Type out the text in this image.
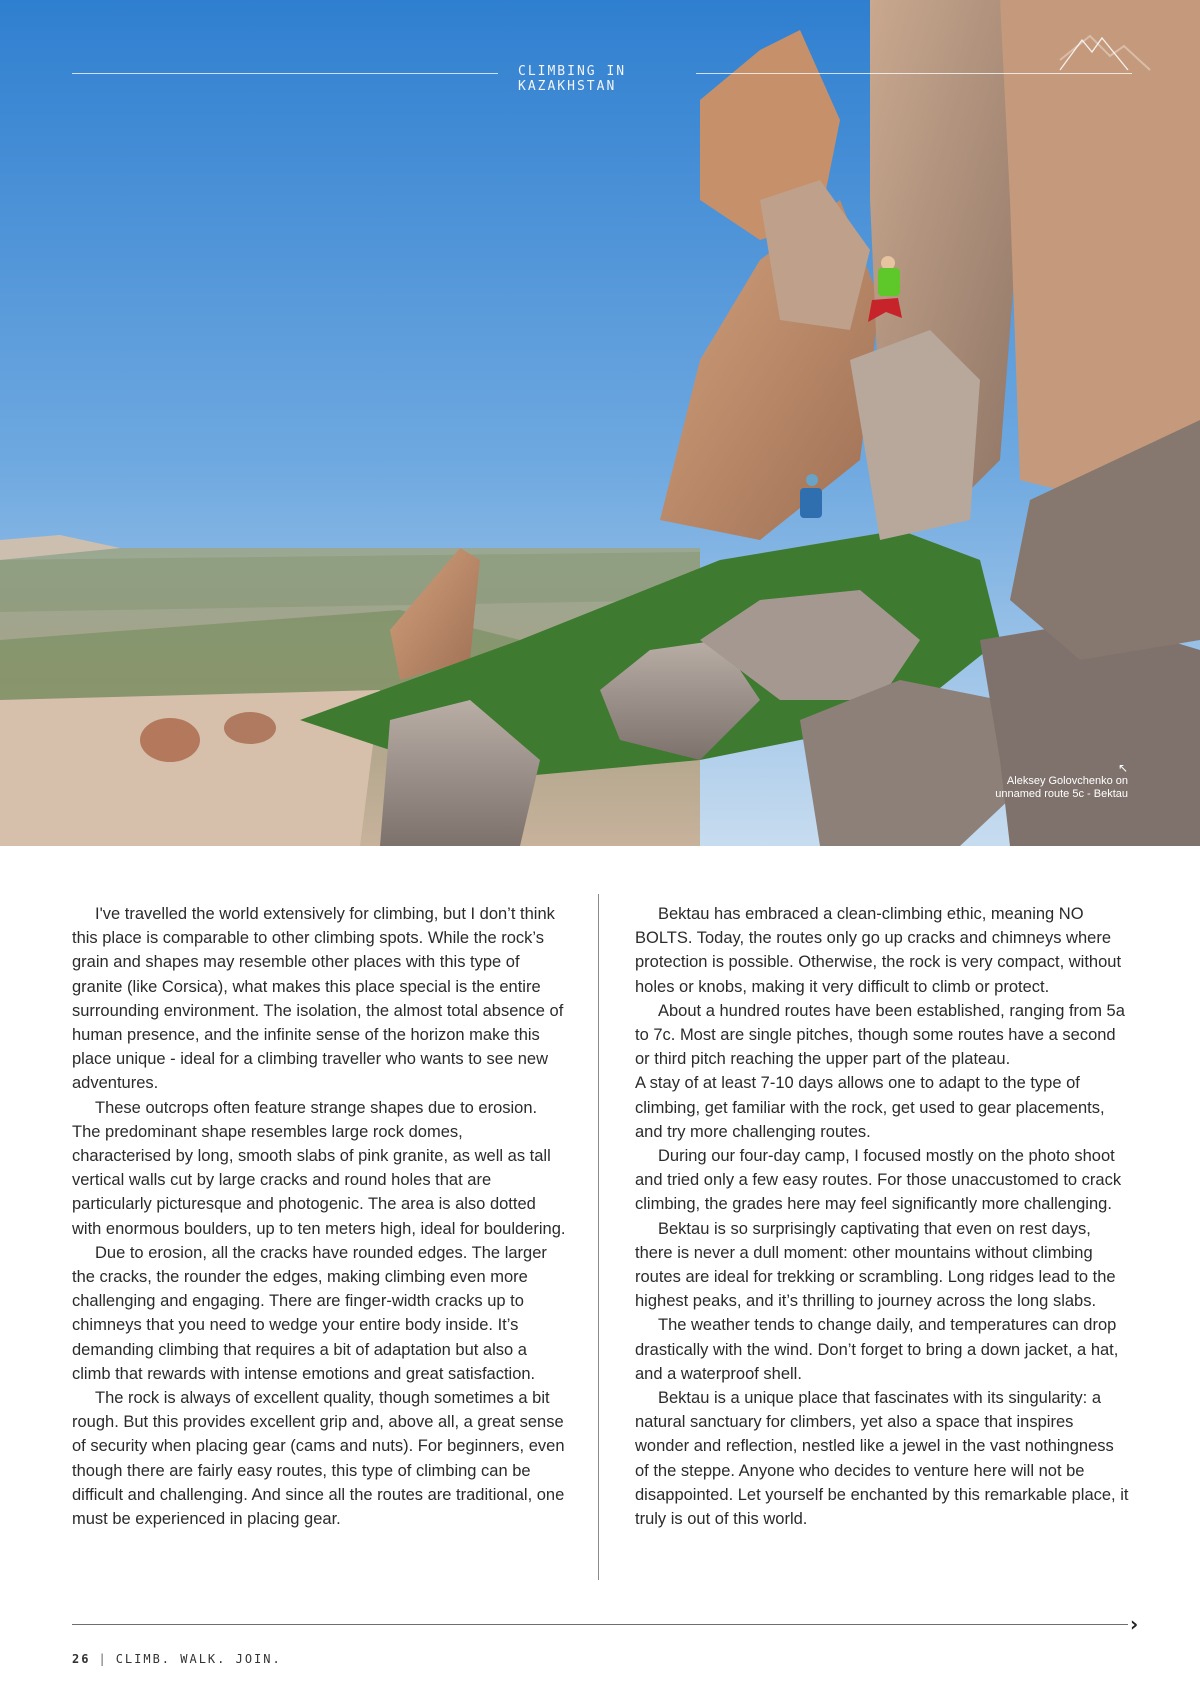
CLIMBING IN KAZAKHSTAN
↖
Aleksey Golovchenko on unnamed route 5c - Bektau

I've travelled the world extensively for climbing, but I don’t think this place is comparable to other climbing spots. While the rock’s grain and shapes may resemble other places with this type of granite (like Corsica), what makes this place special is the entire surrounding environment. The isolation, the almost total absence of human presence, and the infinite sense of the horizon make this place unique - ideal for a climbing traveller who wants to see new adventures.

These outcrops often feature strange shapes due to erosion. The predominant shape resembles large rock domes, characterised by long, smooth slabs of pink granite, as well as tall vertical walls cut by large cracks and round holes that are particularly picturesque and photogenic. The area is also dotted with enormous boulders, up to ten meters high, ideal for bouldering.

Due to erosion, all the cracks have rounded edges. The larger the cracks, the rounder the edges, making climbing even more challenging and engaging. There are finger-width cracks up to chimneys that you need to wedge your entire body inside. It’s demanding climbing that requires a bit of adaptation but also a climb that rewards with intense emotions and great satisfaction.

The rock is always of excellent quality, though sometimes a bit rough. But this provides excellent grip and, above all, a great sense of security when placing gear (cams and nuts). For beginners, even though there are fairly easy routes, this type of climbing can be difficult and challenging. And since all the routes are traditional, one must be experienced in placing gear.

Bektau has embraced a clean-climbing ethic, meaning NO BOLTS. Today, the routes only go up cracks and chimneys where protection is possible. Otherwise, the rock is very compact, without holes or knobs, making it very difficult to climb or protect.

About a hundred routes have been established, ranging from 5a to 7c. Most are single pitches, though some routes have a second or third pitch reaching the upper part of the plateau.

A stay of at least 7-10 days allows one to adapt to the type of climbing, get familiar with the rock, get used to gear placements, and try more challenging routes.

During our four-day camp, I focused mostly on the photo shoot and tried only a few easy routes. For those unaccustomed to crack climbing, the grades here may feel significantly more challenging.

Bektau is so surprisingly captivating that even on rest days, there is never a dull moment: other mountains without climbing routes are ideal for trekking or scrambling. Long ridges lead to the highest peaks, and it’s thrilling to journey across the long slabs.

The weather tends to change daily, and temperatures can drop drastically with the wind. Don’t forget to bring a down jacket, a hat, and a waterproof shell.

Bektau is a unique place that fascinates with its singularity: a natural sanctuary for climbers, yet also a space that inspires wonder and reflection, nestled like a jewel in the vast nothingness of the steppe. Anyone who decides to venture here will not be disappointed. Let yourself be enchanted by this remarkable place, it truly is out of this world.

›
26 | CLIMB. WALK. JOIN.
